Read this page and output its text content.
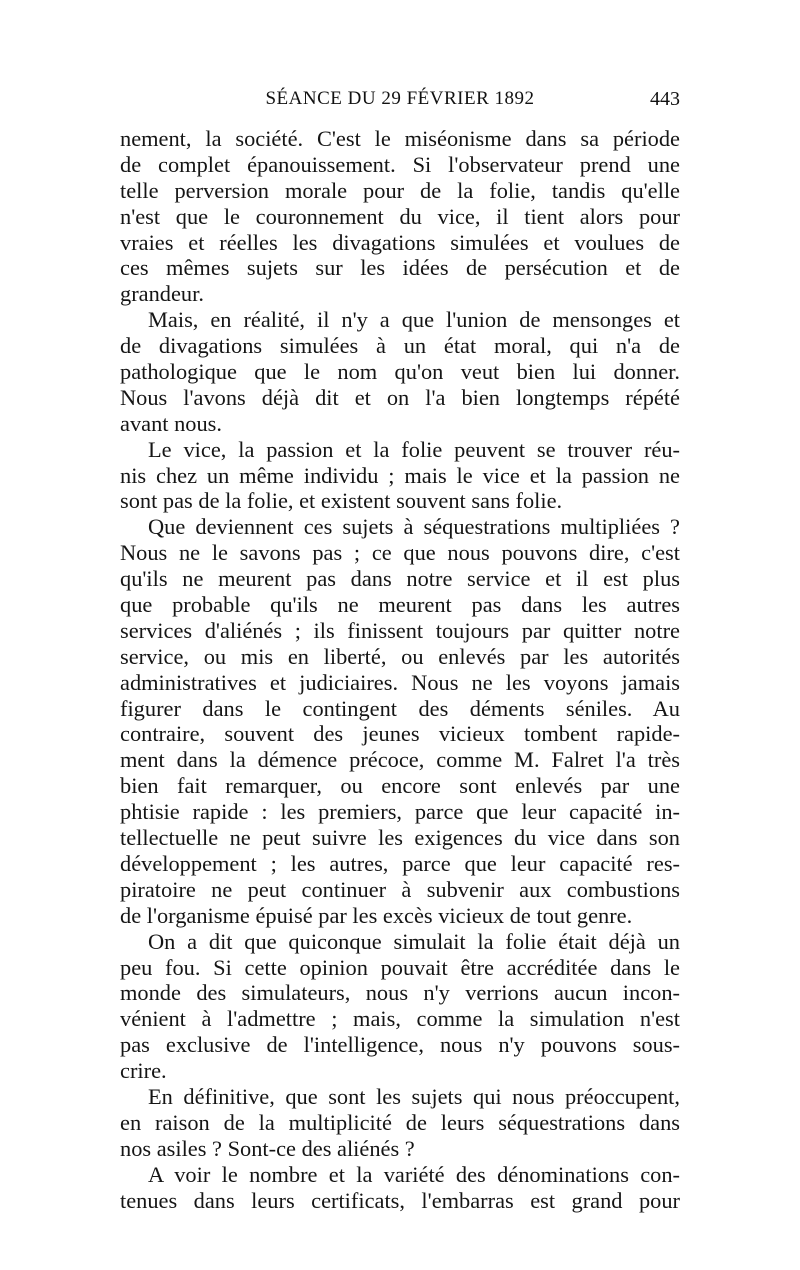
SÉANCE DU 29 FÉVRIER 1892	443
nement, la société. C'est le miséonisme dans sa période
de complet épanouissement. Si l'observateur prend une
telle perversion morale pour de la folie, tandis qu'elle
n'est que le couronnement du vice, il tient alors pour
vraies et réelles les divagations simulées et voulues de
ces mêmes sujets sur les idées de persécution et de
grandeur.
Mais, en réalité, il n'y a que l'union de mensonges et
de divagations simulées à un état moral, qui n'a de
pathologique que le nom qu'on veut bien lui donner.
Nous l'avons déjà dit et on l'a bien longtemps répété
avant nous.
Le vice, la passion et la folie peuvent se trouver réu-
nis chez un même individu ; mais le vice et la passion ne
sont pas de la folie, et existent souvent sans folie.
Que deviennent ces sujets à séquestrations multipliées ?
Nous ne le savons pas ; ce que nous pouvons dire, c'est
qu'ils ne meurent pas dans notre service et il est plus
que probable qu'ils ne meurent pas dans les autres
services d'aliénés ; ils finissent toujours par quitter notre
service, ou mis en liberté, ou enlevés par les autorités
administratives et judiciaires. Nous ne les voyons jamais
figurer dans le contingent des déments séniles. Au
contraire, souvent des jeunes vicieux tombent rapide-
ment dans la démence précoce, comme M. Falret l'a très
bien fait remarquer, ou encore sont enlevés par une
phtisie rapide : les premiers, parce que leur capacité in-
tellectuelle ne peut suivre les exigences du vice dans son
développement ; les autres, parce que leur capacité res-
piratoire ne peut continuer à subvenir aux combustions
de l'organisme épuisé par les excès vicieux de tout genre.
On a dit que quiconque simulait la folie était déjà un
peu fou. Si cette opinion pouvait être accréditée dans le
monde des simulateurs, nous n'y verrions aucun incon-
vénient à l'admettre ; mais, comme la simulation n'est
pas exclusive de l'intelligence, nous n'y pouvons sous-
crire.
En définitive, que sont les sujets qui nous préoccupent,
en raison de la multiplicité de leurs séquestrations dans
nos asiles ? Sont-ce des aliénés ?
A voir le nombre et la variété des dénominations con-
tenues dans leurs certificats, l'embarras est grand pour
